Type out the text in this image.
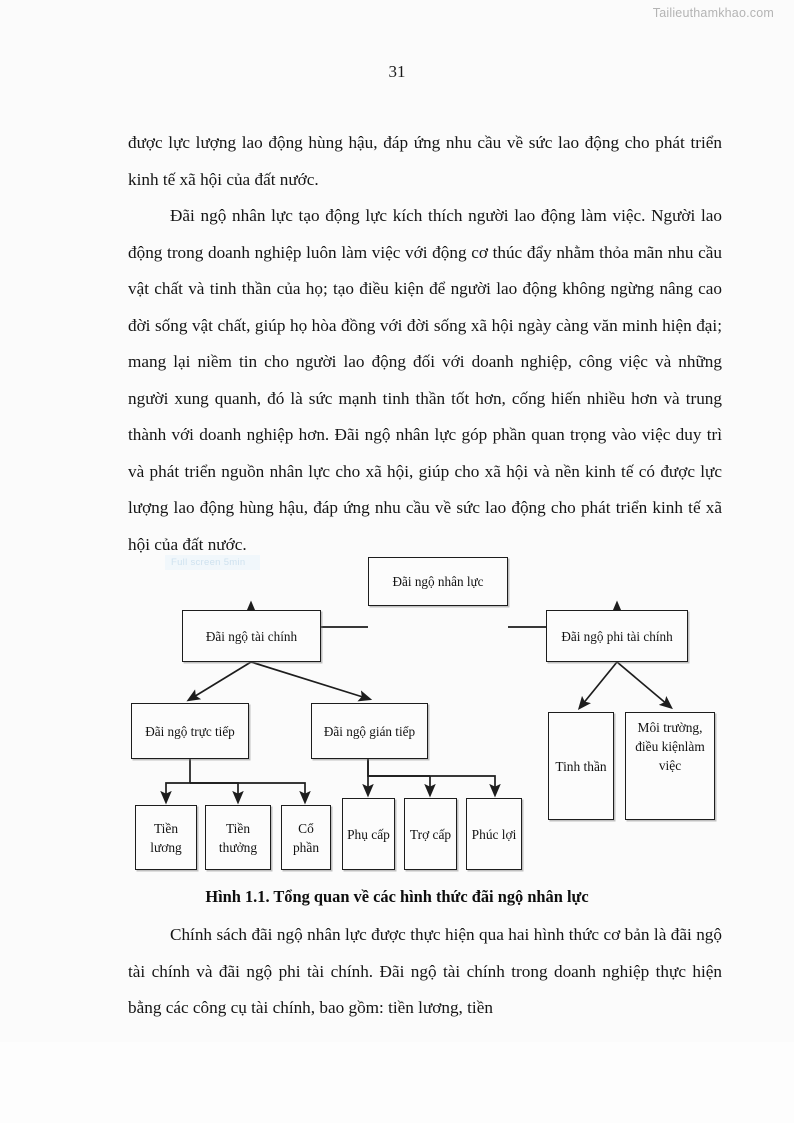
Tailieuthamkhao.com
31

được lực lượng lao động hùng hậu, đáp ứng nhu cầu về sức lao động cho phát triển kinh tế xã hội của đất nước.

Đãi ngộ nhân lực tạo động lực kích thích người lao động làm việc. Người lao động trong doanh nghiệp luôn làm việc với động cơ thúc đẩy nhằm thỏa mãn nhu cầu vật chất và tinh thần của họ; tạo điều kiện để người lao động không ngừng nâng cao đời sống vật chất, giúp họ hòa đồng với đời sống xã hội ngày càng văn minh hiện đại; mang lại niềm tin cho người lao động đối với doanh nghiệp, công việc và những người xung quanh, đó là sức mạnh tinh thần tốt hơn, cống hiến nhiều hơn và trung thành với doanh nghiệp hơn. Đãi ngộ nhân lực góp phần quan trọng vào việc duy trì và phát triển nguồn nhân lực cho xã hội, giúp cho xã hội và nền kinh tế có được lực lượng lao động hùng hậu, đáp ứng nhu cầu về sức lao động cho phát triển kinh tế xã hội của đất nước.

Full screen 5min
Đãi ngộ nhân lực
Đãi ngộ tài chính	Đãi ngộ phi tài chính
Đãi ngộ trực tiếp	Đãi ngộ gián tiếp
Tinh thần
Môi trường, điều kiệnlàm việc
Tiền lương
Tiền thưởng
Cổ phần
Phụ cấp	Trợ cấp	Phúc lợi
Hình 1.1. Tổng quan về các hình thức đãi ngộ nhân lực

Chính sách đãi ngộ nhân lực được thực hiện qua hai hình thức cơ bản là đãi ngộ tài chính và đãi ngộ phi tài chính. Đãi ngộ tài chính trong doanh nghiệp thực hiện bằng các công cụ tài chính, bao gồm: tiền lương, tiền
